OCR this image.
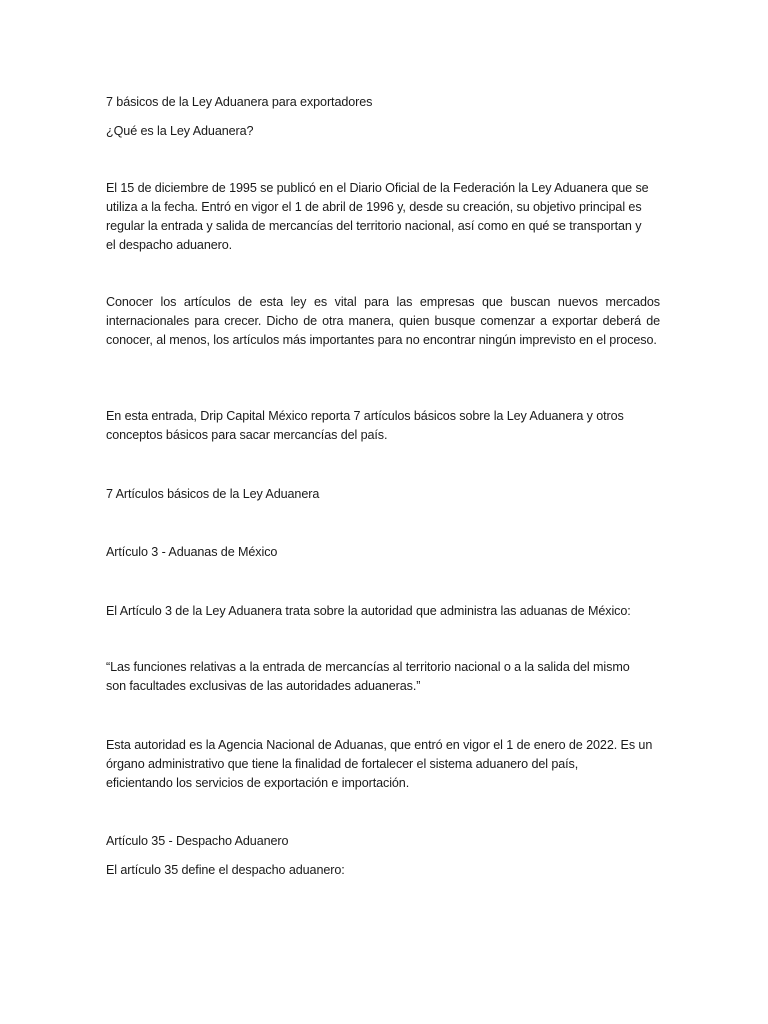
7 básicos de la Ley Aduanera para exportadores

¿Qué es la Ley Aduanera?

El 15 de diciembre de 1995 se publicó en el Diario Oficial de la Federación la Ley Aduanera que se
utiliza a la fecha. Entró en vigor el 1 de abril de 1996 y, desde su creación, su objetivo principal es
regular la entrada y salida de mercancías del territorio nacional, así como en qué se transportan y
el despacho aduanero.

Conocer los artículos de esta ley es vital para las empresas que buscan nuevos mercados internacionales para crecer. Dicho de otra manera, quien busque comenzar a exportar deberá de conocer, al menos, los artículos más importantes para no encontrar ningún imprevisto en el proceso.

En esta entrada, Drip Capital México reporta 7 artículos básicos sobre la Ley Aduanera y otros
conceptos básicos para sacar mercancías del país.

7 Artículos básicos de la Ley Aduanera

Artículo 3 - Aduanas de México

El Artículo 3 de la Ley Aduanera trata sobre la autoridad que administra las aduanas de México:

“Las funciones relativas a la entrada de mercancías al territorio nacional o a la salida del mismo
son facultades exclusivas de las autoridades aduaneras.”

Esta autoridad es la Agencia Nacional de Aduanas, que entró en vigor el 1 de enero de 2022. Es un
órgano administrativo que tiene la finalidad de fortalecer el sistema aduanero del país,
eficientando los servicios de exportación e importación.

Artículo 35 - Despacho Aduanero

El artículo 35 define el despacho aduanero:
